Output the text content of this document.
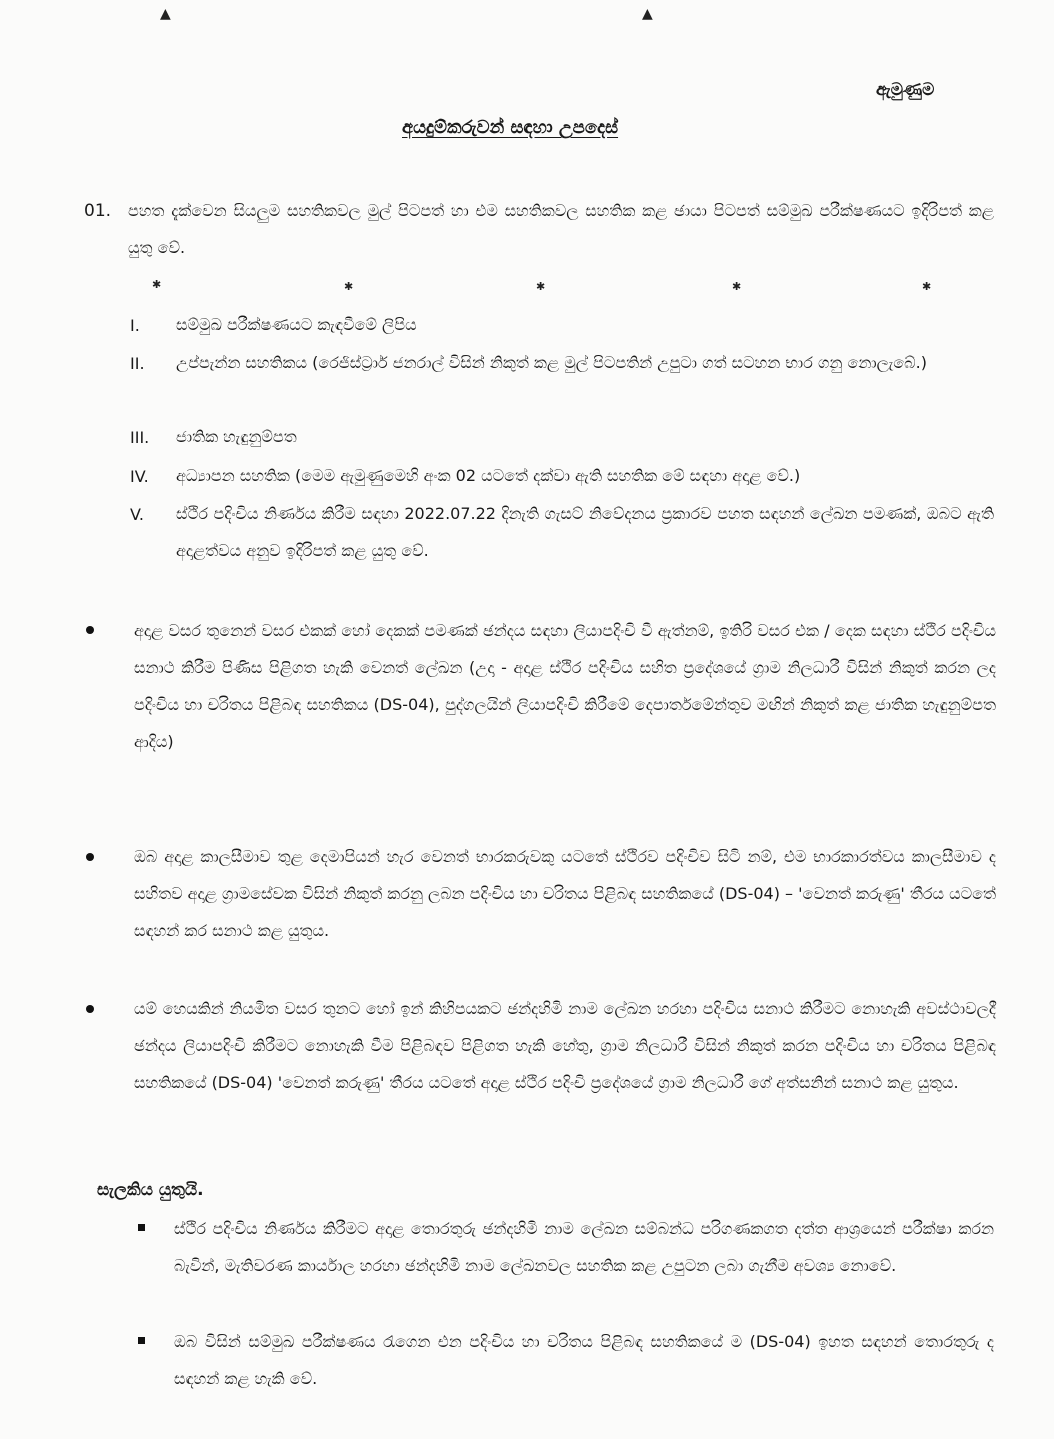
▲	▲
✱	✱	✱	✱	✱
ඇමුණුම
අයදුම්කරුවන් සඳහා උපදෙස්
01. පහත දැක්වෙන සියලුම සහතිකවල මුල් පිටපත් හා එම සහතිකවල සහතික කළ ඡායා පිටපත් සම්මුඛ පරීක්ෂණයට ඉදිරිපත් කළ යුතු වේ.
I.	සම්මුඛ පරීක්ෂණයට කැඳවීමේ ලිපිය
II.	උප්පැන්න සහතිකය (රෙජිස්ට්‍රාර් ජනරාල් විසින් නිකුත් කළ මුල් පිටපතින් උපුටා ගත් සටහන භාර ගනු නොලැබේ.)
III.	ජාතික හැඳුනුම්පත
IV.	අධ්‍යාපන සහතික (මෙම ඇමුණුමෙහි අංක 02 යටතේ දක්වා ඇති සහතික මේ සඳහා අදාළ වේ.)
V.	ස්ථිර පදිංචිය නිර්ණය කිරීම සඳහා 2022.07.22 දිනැති ගැසට් නිවේදනය ප්‍රකාරව පහත සඳහන් ලේඛන පමණක්, ඔබට ඇති අදාළත්වය අනුව ඉදිරිපත් කළ යුතු වේ.
අදාළ වසර තුනෙන් වසර එකක් හෝ දෙකක් පමණක් ඡන්දය සඳහා ලියාපදිංචි වී ඇත්නම්, ඉතිරි වසර එක / දෙක සඳහා ස්ථිර පදිංචිය සනාථ කිරීම පිණිස පිළිගත හැකි වෙනත් ලේඛන (උදා - අදාළ ස්ථිර පදිංචිය සහිත ප්‍රදේශයේ ග්‍රාම නිලධාරී විසින් නිකුත් කරන ලද පදිංචිය හා චරිතය පිළිබඳ සහතිකය (DS-04), පුද්ගලයින් ලියාපදිංචි කිරීමේ දෙපාර්තමේන්තුව මඟින් නිකුත් කළ ජාතික හැඳුනුම්පත ආදිය)
ඔබ අදාළ කාලසීමාව තුළ දෙමාපියන් හැර වෙනත් භාරකරුවකු යටතේ ස්ථිරව පදිංචිව සිටි නම්, එම භාරකාරත්වය කාලසීමාව ද සහිතව අදාළ ග්‍රාමසේවක විසින් නිකුත් කරනු ලබන පදිංචිය හා චරිතය පිළිබඳ සහතිකයේ (DS-04) – 'වෙනත් කරුණු' තීරය යටතේ සඳහන් කර සනාථ කළ යුතුය.
යම් හෙයකින් නියමිත වසර තුනට හෝ ඉන් කිහිපයකට ඡන්දහිමි නාම ලේඛන හරහා පදිංචිය සනාථ කිරීමට නොහැකි අවස්ථාවලදී ඡන්දය ලියාපදිංචි කිරීමට නොහැකි වීම පිළිබඳව පිළිගත හැකි හේතු, ග්‍රාම නිලධාරී විසින් නිකුත් කරන පදිංචිය හා චරිතය පිළිබඳ සහතිකයේ (DS-04) 'වෙනත් කරුණු' තීරය යටතේ අදාළ ස්ථිර පදිංචි ප්‍රදේශයේ ග්‍රාම නිලධාරී ගේ අත්සනින් සනාථ කළ යුතුය.
සැලකිය යුතුයි.
ස්ථිර පදිංචිය නිර්ණය කිරීමට අදාළ තොරතුරු ඡන්දහිමි නාම ලේඛන සම්බන්ධ පරිගණකගත දත්ත ආශ්‍රයෙන් පරීක්ෂා කරන බැවින්, මැතිවරණ කාර්යාල හරහා ඡන්දහිමි නාම ලේඛනවල සහතික කළ උපුටන ලබා ගැනීම අවශ්‍ය නොවේ.
ඔබ විසින් සම්මුඛ පරීක්ෂණය රැගෙන එන පදිංචිය හා චරිතය පිළිබඳ සහතිකයේ ම (DS-04) ඉහත සඳහන් තොරතුරු ද සඳහන් කළ හැකි වේ.
